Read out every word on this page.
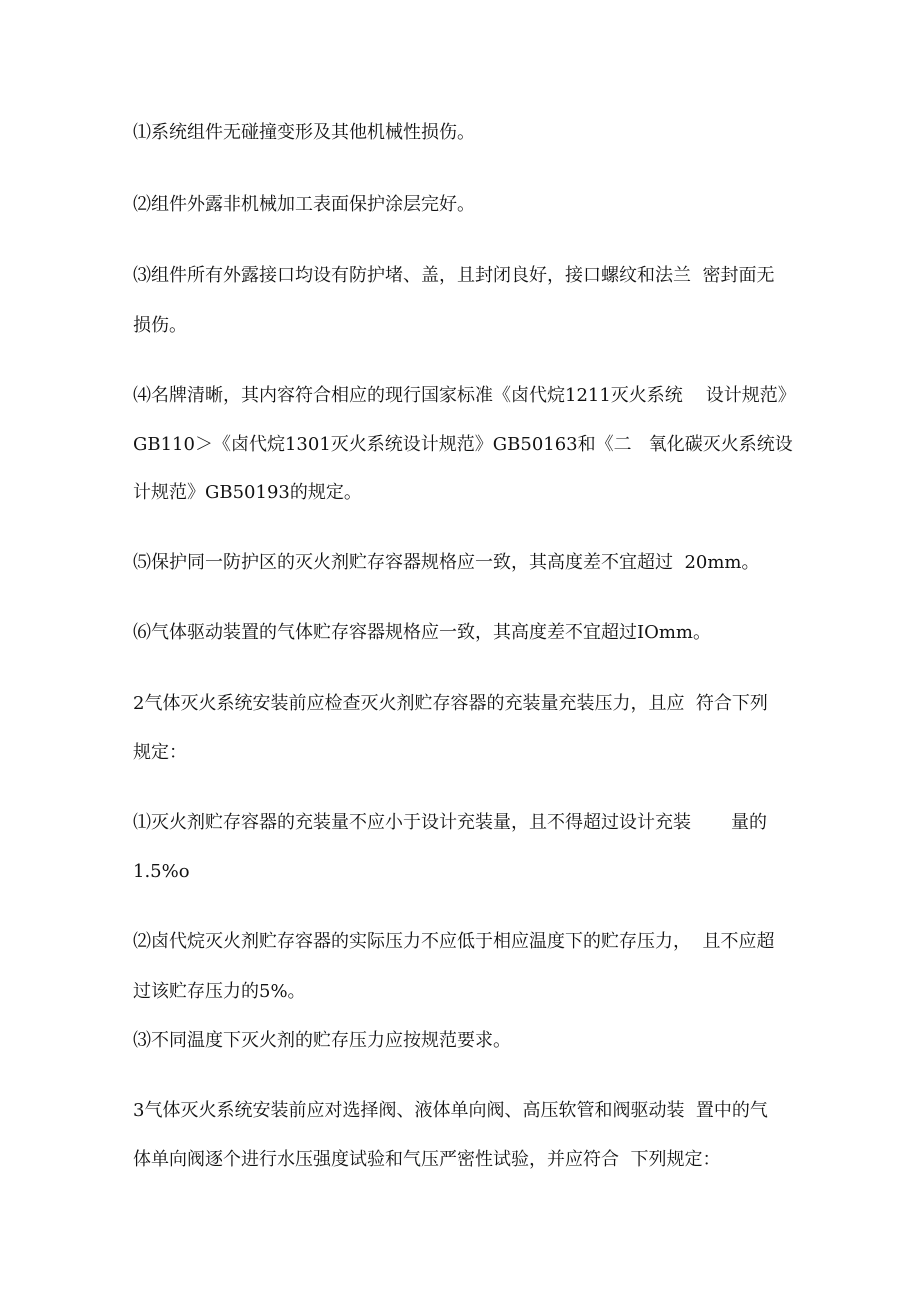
⑴系统组件无碰撞变形及其他机械性损伤。
⑵组件外露非机械加工表面保护涂层完好。
⑶组件所有外露接口均设有防护堵、盖，且封闭良好，接口螺纹和法兰  密封面无
损伤。
⑷名牌清晰，其内容符合相应的现行国家标准《卤代烷1211灭火系统    设计规范》
GB110＞《卤代烷1301灭火系统设计规范》GB50163和《二   氧化碳灭火系统设
计规范》GB50193的规定。
⑸保护同一防护区的灭火剂贮存容器规格应一致，其高度差不宜超过  20mm。
⑹气体驱动装置的气体贮存容器规格应一致，其高度差不宜超过IOmm。
2气体灭火系统安装前应检查灭火剂贮存容器的充装量充装压力，且应  符合下列
规定：
⑴灭火剂贮存容器的充装量不应小于设计充装量，且不得超过设计充装       量的
1.5%o
⑵卤代烷灭火剂贮存容器的实际压力不应低于相应温度下的贮存压力，  且不应超
过该贮存压力的5%。
⑶不同温度下灭火剂的贮存压力应按规范要求。
3气体灭火系统安装前应对选择阀、液体单向阀、高压软管和阀驱动装  置中的气
体单向阀逐个进行水压强度试验和气压严密性试验，并应符合  下列规定：
